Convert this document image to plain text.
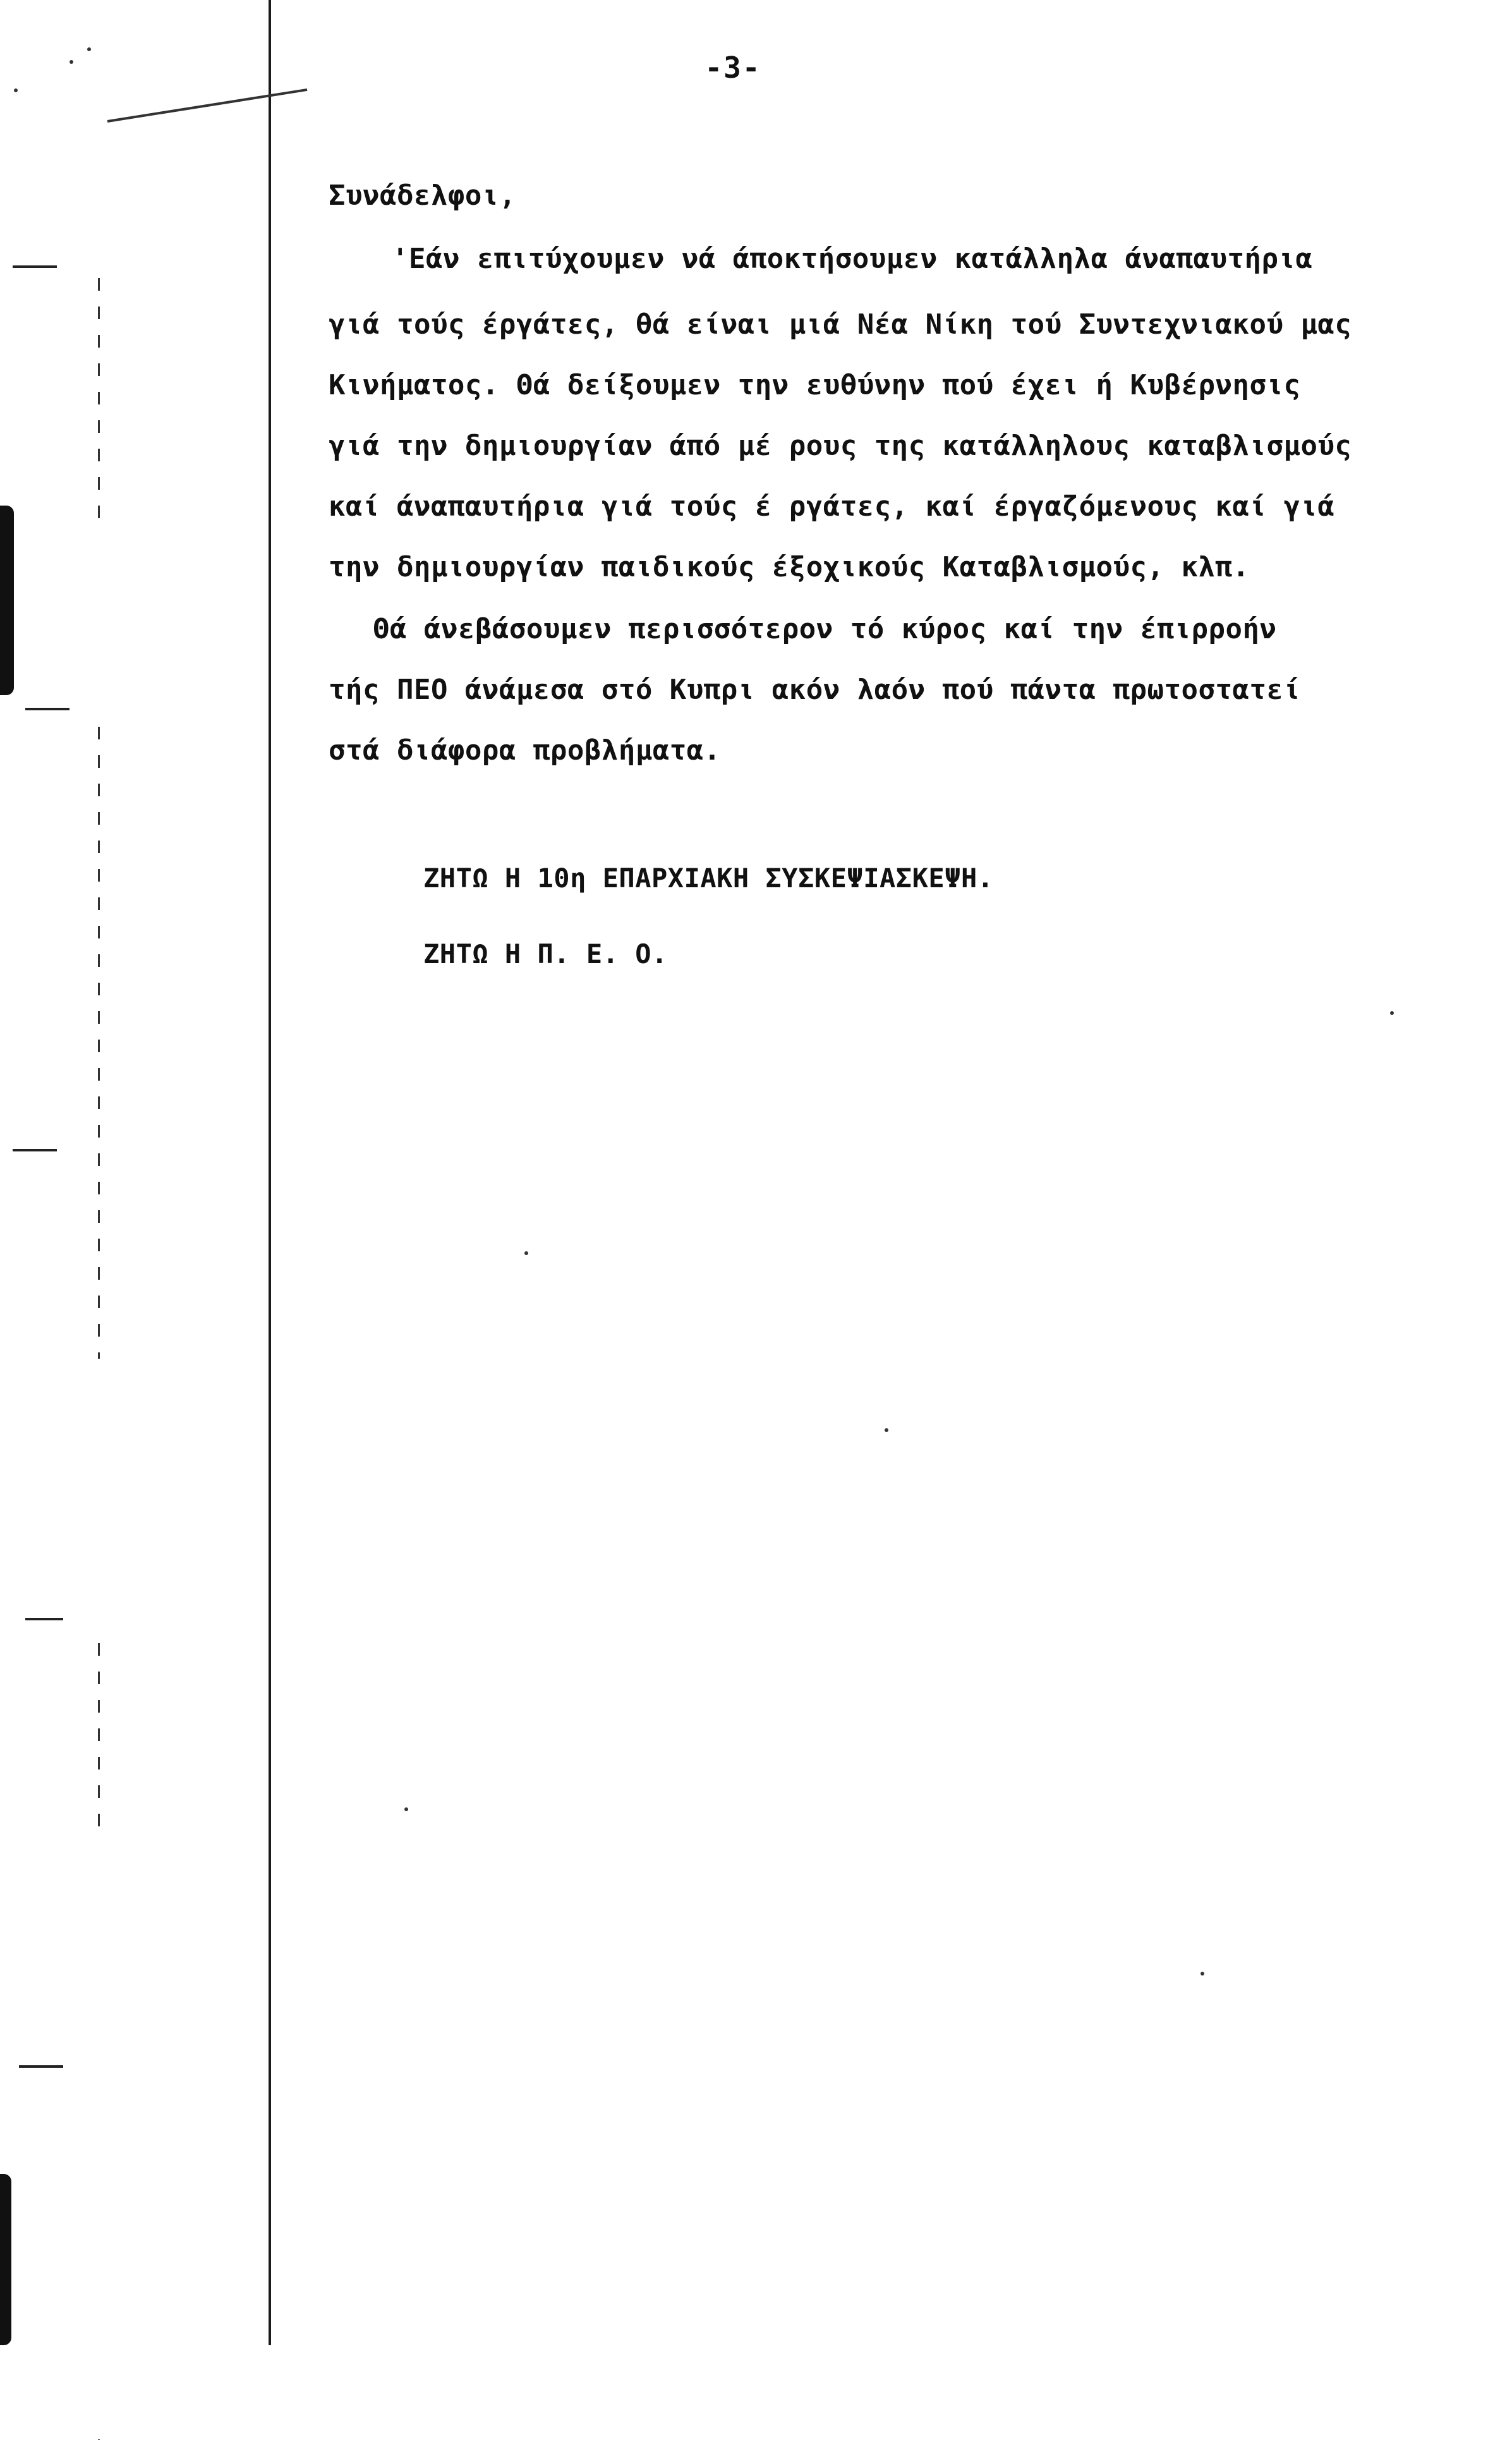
-3-
Συνάδελφοι,
'Εάν επιτύχουμεν νά άποκτήσουμεν κατάλληλα άναπαυτήρια
γιά τούς έργάτες, θά είναι μιά Νέα Νίκη τού Συντεχνιακού μας
Κινήματος. Θά δείξουμεν την ευθύνην πού έχει ή Κυβέρνησις
γιά την δημιουργίαν άπό μέ ρους της κατάλληλους καταβλισμούς
καί άναπαυτήρια γιά τούς έ ργάτες, καί έργαζόμενους καί γιά
την δημιουργίαν παιδικούς έξοχικούς Καταβλισμούς, κλπ.
Θά άνεβάσουμεν περισσότερον τό κύρος καί την έπιρροήν
τής ΠΕΟ άνάμεσα στό Κυπρι ακόν λαόν πού πάντα πρωτοστατεί
στά διάφορα προβλήματα.
ΖΗΤΩ Η 10η ΕΠΑΡΧΙΑΚΗ ΣΥΣΚΕΨΙΑΣΚΕΨΗ.
ΖΗΤΩ Η Π. Ε. Ο.
